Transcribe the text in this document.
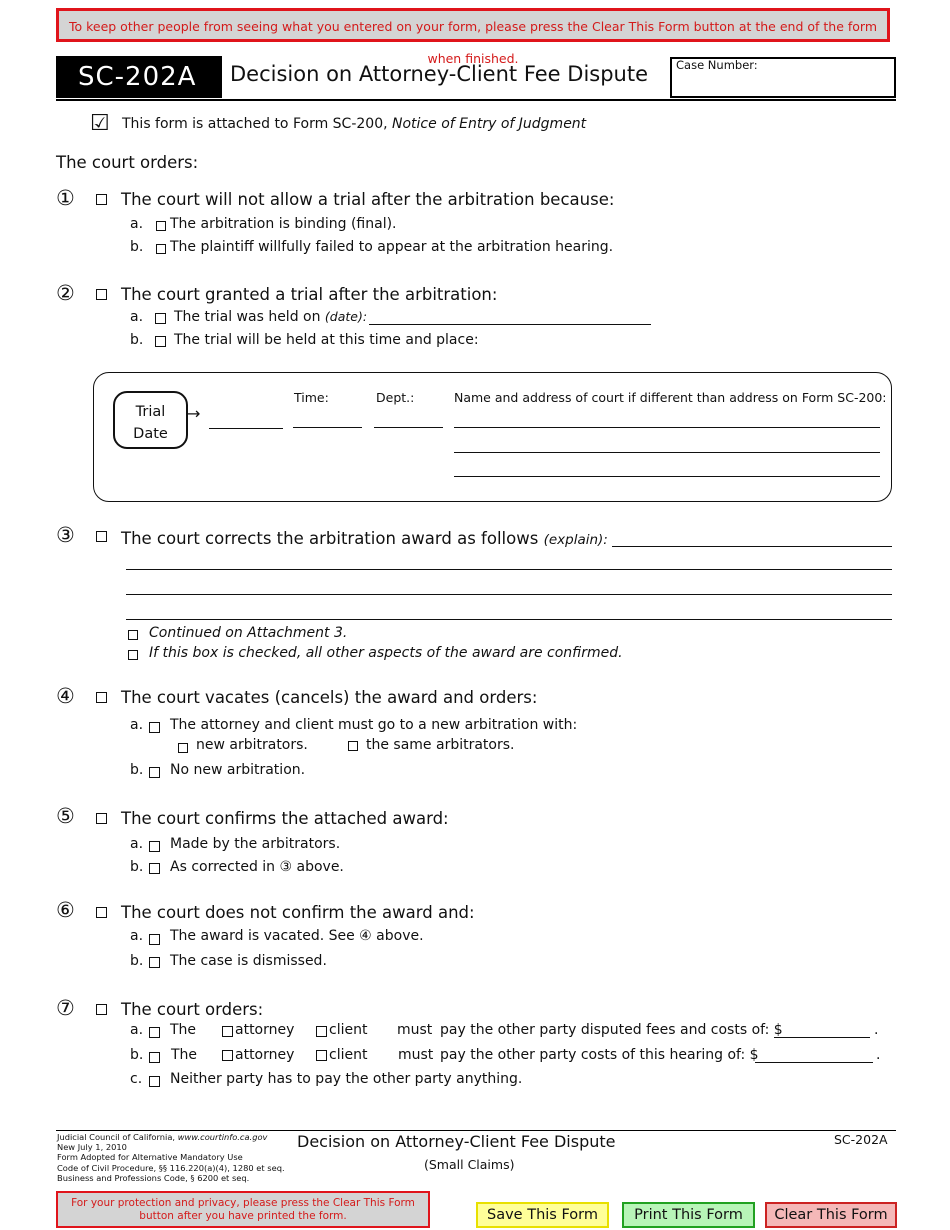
To keep other people from seeing what you entered on your form, please press the Clear This Form button at the end of the form when finished.
SC-202A	Decision on Attorney-Client Fee Dispute Case Number:
☑ This form is attached to Form SC-200, Notice of Entry of Judgment
The court orders:
①	The court will not allow a trial after the arbitration because:
a. The arbitration is binding (final).
b. The plaintiff willfully failed to appear at the arbitration hearing.
②	The court granted a trial after the arbitration:
a. The trial was held on (date):
b. The trial will be held at this time and place:
Trial
Date
→
Time:	Dept.:	Name and address of court if different than address on Form SC-200:
③	The court corrects the arbitration award as follows (explain):
Continued on Attachment 3.
If this box is checked, all other aspects of the award are confirmed.
④	The court vacates (cancels) the award and orders:
a. The attorney and client must go to a new arbitration with:
new arbitrators.	the same arbitrators.
b. No new arbitration.
⑤	The court confirms the attached award:
a. Made by the arbitrators.
b. As corrected in ③ above.
⑥	The court does not confirm the award and:
a. The award is vacated. See ④ above.
b. The case is dismissed.
⑦	The court orders:
a. The	attorney client must pay the other party disputed fees and costs of: $	.
b. The	attorney client must pay the other party costs of this hearing of: $	.
c. Neither party has to pay the other party anything.
Judicial Council of California, www.courtinfo.ca.gov
New July 1, 2010
Form Adopted for Alternative Mandatory Use
Code of Civil Procedure, §§ 116.220(a)(4), 1280 et seq.
Business and Professions Code, § 6200 et seq.
Decision on Attorney-Client Fee Dispute
(Small Claims)
SC-202A
For your protection and privacy, please press the Clear This Form button after you have printed the form.	Save This Form	Print This Form	Clear This Form
